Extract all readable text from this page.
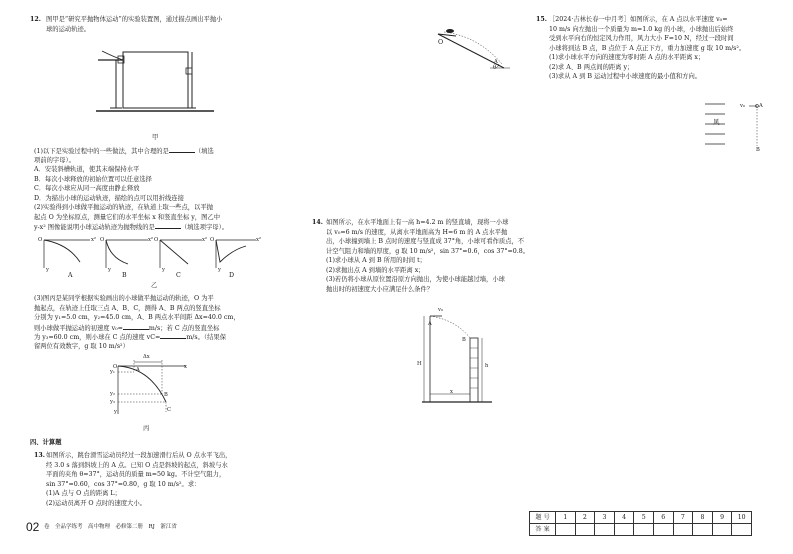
12. 图甲是“研究平抛物体运动”的实验装置图，通过描点画出平抛小
球的运动轨迹。
甲
(1)以下是实验过程中的一些做法，其中合理的是	（填选
项前的字母）。
A．安装斜槽轨道，使其末端保持水平
B．每次小球释放的初始位置可以任意选择
C．每次小球应从同一高度由静止释放
D．为描出小球的运动轨迹，描绘的点可以用折线连接
(2)实验得到小球做平抛运动的轨迹，在轨道上取一些点，以平抛
起点 O 为坐标原点，测量它们的水平坐标 x 和竖直坐标 y，图乙中
y-x² 图像能说明小球运动轨迹为抛物线的是	（填选项字母）。
O	x²
y
O	x²
y
O	x²
y
O	x²
y
A	B	C	D
乙
(3)图丙是某同学根据实验画出的小球做平抛运动的轨迹，O 为平
抛起点，在轨迹上任取三点 A、B、C，测得 A、B 两点的竖直坐标
分别为 y₁=5.0 cm，y₂=45.0 cm，A、B 两点水平间距 Δx=40.0 cm，
则小球做平抛运动的初速度 v₀=	m/s；若 C 点的竖直坐标
为 y₃=60.0 cm，则小球在 C 点的速度 vC=	m/s。（结果保
留两位有效数字，g 取 10 m/s²）
O
Δx
x
y₁
y₂
y₃
A
B
C
y
丙
四、计算题
13. 如图所示，跳台滑雪运动员经过一段加速滑行后从 O 点水平飞出，
经 3.0 s 落到斜坡上的 A 点。已知 O 点是斜坡的起点，斜坡与水
平面的夹角 θ=37°，运动员的质量 m=50 kg。不计空气阻力，
sin 37°=0.60，cos 37°=0.80，g 取 10 m/s²。求：
(1)A 点与 O 点的距离 L；
(2)运动员离开 O 点时的速度大小。
O
A
θ
14. 如图所示，在水平地面上有一高 h=4.2 m 的竖直墙，现将一小球
以 v₀=6 m/s 的速度，从离水平地面高为 H=6 m 的 A 点水平抛
出，小球撞到墙上 B 点时的速度与竖直成 37°角，小球可看作质点，不
计空气阻力和墙的厚度，g 取 10 m/s²，sin 37°=0.6，cos 37°=0.8。
(1)求小球从 A 到 B 所用的时间 t；
(2)求抛出点 A 到墙的水平距离 x；
(3)若仍将小球从原位置沿原方向抛出，为使小球能越过墙，小球
抛出时的初速度大小应满足什么条件？
v₀
A
H
B
h
x
15. ［2024·吉林长春一中月考］如图所示，在 A 点以水平速度 v₀=
10 m/s 向左抛出一个质量为 m=1.0 kg 的小球，小球抛出后始终
受到水平向右的恒定风力作用，风力大小 F=10 N，经过一段时间
小球将到达 B 点，B 点位于 A 点正下方，重力加速度 g 取 10 m/s²。
(1)求小球水平方向的速度为零时距 A 点的水平距离 x；
(2)求 A、B 两点间的距离 y；
(3)求从 A 到 B 运动过程中小球速度的最小值和方向。
v₀	A
风
B
题 号	1	2	3	4	5	6	7	8	9	10
答 案										
02 卷　全品学练考　高中物理　必修第二册　RJ　浙江省
